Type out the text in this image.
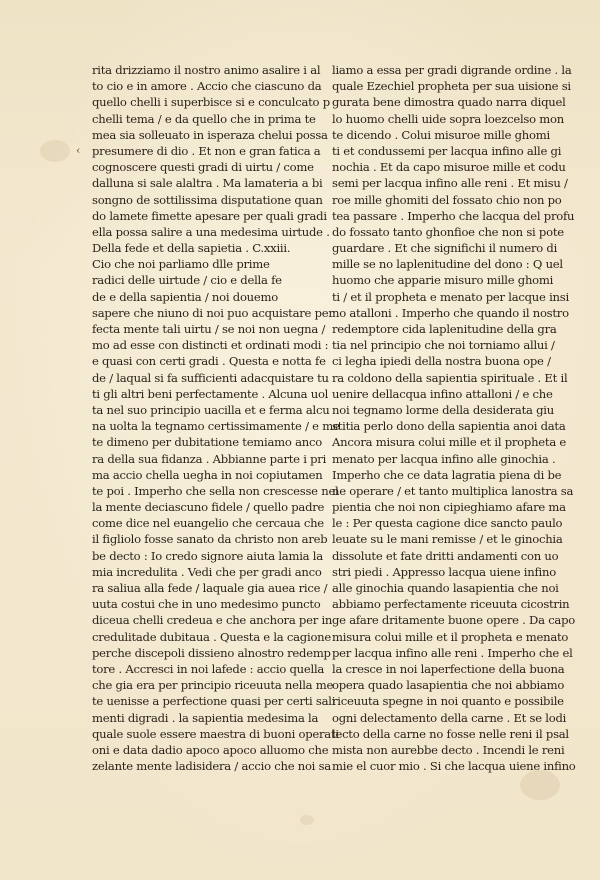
‹
rita drizziamo il nostro animo asalire i al
to cio e in amore . Accio che ciascuno da
quello chelli i superbisce si e conculcato p
chelli tema / e da quello che in prima te
mea sia solleuato in isperaza chelui possa
presumere di dio . Et non e gran fatica a
cognoscere questi gradi di uirtu / come
dalluna si sale alaltra . Ma lamateria a bi
songno de sottilissima disputatione quan
do lamete fimette apesare per quali gradi
ella possa salire a una medesima uirtude .
Della fede et della sapietia . C.xxiii.
Cio che noi parliamo dlle prime
radici delle uirtude / cio e della fe
de e della sapientia / noi douemo
sapere che niuno di noi puo acquistare per
fecta mente tali uirtu / se noi non uegna /
mo ad esse con distincti et ordinati modi :
e quasi con certi gradi . Questa e notta fe
de / laqual si fa sufficienti adacquistare tu
ti gli altri beni perfectamente . Alcuna uol
ta nel suo principio uacilla et e ferma alcu
na uolta la tegnamo certissimamente / e me
te dimeno per dubitatione temiamo anco
ra della sua fidanza . Abbianne parte i pri
ma accio chella uegha in noi copiutamen
te poi . Imperho che sella non crescesse nel
la mente deciascuno fidele / quello padre
come dice nel euangelio che cercaua che
il figliolo fosse sanato da christo non areb
be decto : Io credo signore aiuta lamia la
mia incredulita . Vedi che per gradi anco
ra saliua alla fede / laquale gia auea rice /
uuta costui che in uno medesimo puncto
diceua chelli credeua e che anchora per in
credulitade dubitaua . Questa e la cagione
perche discepoli dissieno alnostro redemp
tore . Accresci in noi lafede : accio quella
che gia era per principio riceuuta nella me
te uenisse a perfectione quasi per certi sali
menti digradi . la sapientia medesima la
quale suole essere maestra di buoni operati
oni e data dadio apoco apoco alluomo che
zelante mente ladisidera / accio che noi sa
liamo a essa per gradi digrande ordine . la
quale Ezechiel propheta per sua uisione si
gurata bene dimostra quado narra diquel
lo huomo chelli uide sopra loezcelso mon
te dicendo . Colui misuroe mille ghomi
ti et condussemi per lacqua infino alle gi
nochia . Et da capo misuroe mille et codu
semi per lacqua infino alle reni . Et misu /
roe mille ghomiti del fossato chio non po
tea passare . Imperho che lacqua del profu
do fossato tanto ghonfioe che non si pote
guardare . Et che significhi il numero di
mille se no laplenitudine del dono : Q uel
huomo che apparie misuro mille ghomi
ti / et il propheta e menato per lacque insi
no atalloni . Imperho che quando il nostro
redemptore cida laplenitudine della gra
tia nel principio che noi torniamo allui /
ci legha ipiedi della nostra buona ope /
ra coldono della sapientia spirituale . Et il
uenire dellacqua infino attalloni / e che
noi tegnamo lorme della desiderata giu
stitia perlo dono della sapientia anoi data
Ancora misura colui mille et il propheta e
menato per lacqua infino alle ginochia .
Imperho che ce data lagratia piena di be
ne operare / et tanto multiplica lanostra sa
pientia che noi non cipieghiamo afare ma
le : Per questa cagione dice sancto paulo
leuate su le mani remisse / et le ginochia
dissolute et fate dritti andamenti con uo
stri piedi . Appresso lacqua uiene infino
alle ginochia quando lasapientia che noi
abbiamo perfectamente riceuuta cicostrin
ge afare dritamente buone opere . Da capo
misura colui mille et il propheta e menato
per lacqua infino alle reni . Imperho che el
la cresce in noi laperfectione della buona
opera quado lasapientia che noi abbiamo
riceuuta spegne in noi quanto e possibile
ogni delectamento della carne . Et se lodi
lecto della carne no fosse nelle reni il psal
mista non aurebbe decto . Incendi le reni
mie el cuor mio . Si che lacqua uiene infino
